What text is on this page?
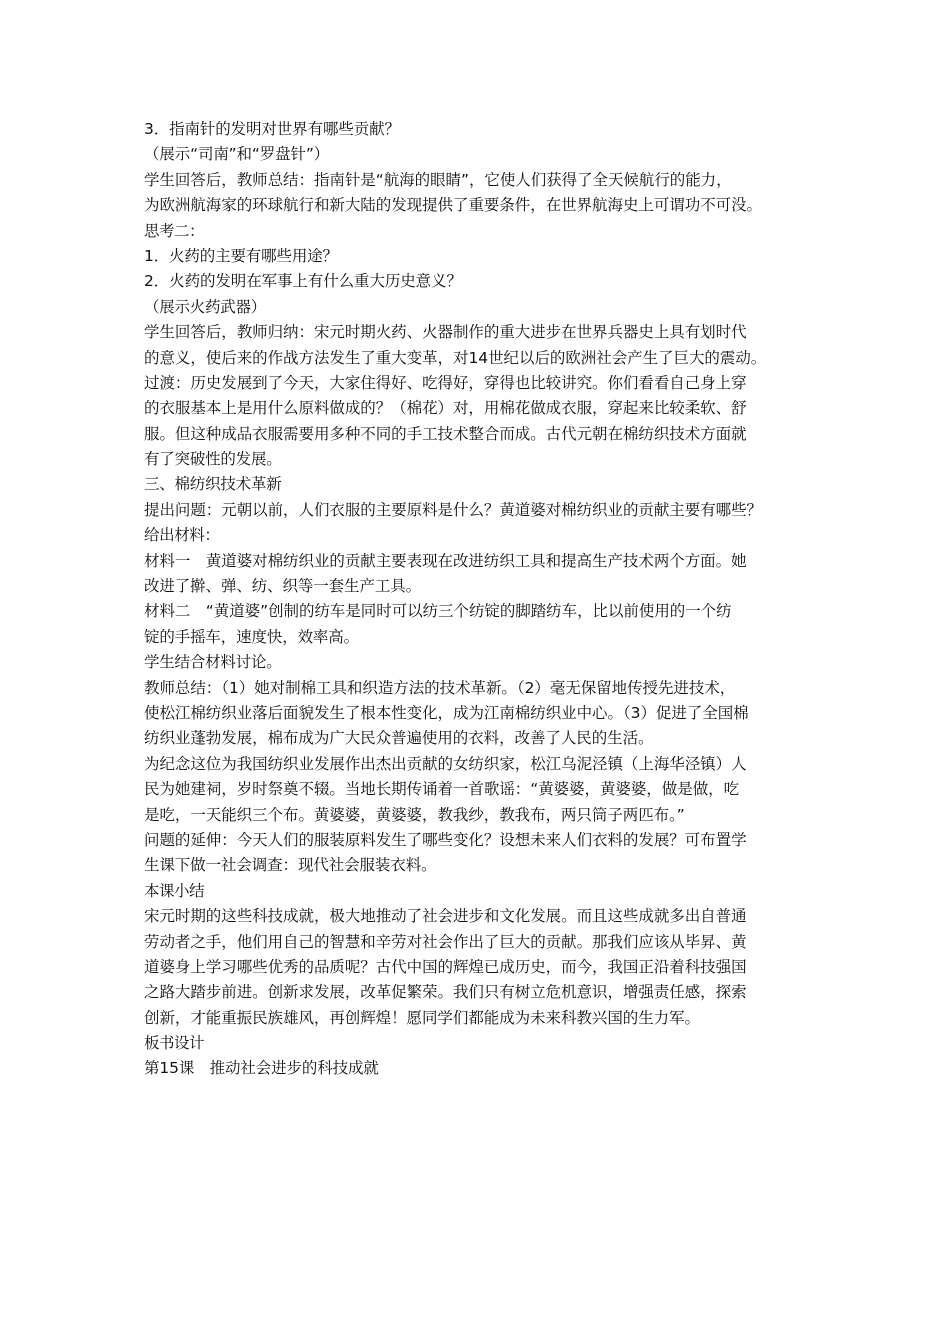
3．指南针的发明对世界有哪些贡献？
（展示“司南”和“罗盘针”）
学生回答后，教师总结：指南针是“航海的眼睛”，它使人们获得了全天候航行的能力，
为欧洲航海家的环球航行和新大陆的发现提供了重要条件，在世界航海史上可谓功不可没。
思考二：
1．火药的主要有哪些用途？
2．火药的发明在军事上有什么重大历史意义？
（展示火药武器）
学生回答后，教师归纳：宋元时期火药、火器制作的重大进步在世界兵器史上具有划时代
的意义，使后来的作战方法发生了重大变革，对14世纪以后的欧洲社会产生了巨大的震动。
过渡：历史发展到了今天，大家住得好、吃得好，穿得也比较讲究。你们看看自己身上穿
的衣服基本上是用什么原料做成的？（棉花）对，用棉花做成衣服，穿起来比较柔软、舒
服。但这种成品衣服需要用多种不同的手工技术整合而成。古代元朝在棉纺织技术方面就
有了突破性的发展。
三、棉纺织技术革新
提出问题：元朝以前，人们衣服的主要原料是什么？黄道婆对棉纺织业的贡献主要有哪些？
给出材料：
材料一　黄道婆对棉纺织业的贡献主要表现在改进纺织工具和提高生产技术两个方面。她
改进了擀、弹、纺、织等一套生产工具。
材料二　“黄道婆”创制的纺车是同时可以纺三个纺锭的脚踏纺车，比以前使用的一个纺
锭的手摇车，速度快，效率高。
学生结合材料讨论。
教师总结：（1）她对制棉工具和织造方法的技术革新。（2）毫无保留地传授先进技术，
使松江棉纺织业落后面貌发生了根本性变化，成为江南棉纺织业中心。（3）促进了全国棉
纺织业蓬勃发展，棉布成为广大民众普遍使用的衣料，改善了人民的生活。
为纪念这位为我国纺织业发展作出杰出贡献的女纺织家，松江乌泥泾镇（上海华泾镇）人
民为她建祠，岁时祭奠不辍。当地长期传诵着一首歌谣：“黄婆婆，黄婆婆，做是做，吃
是吃，一天能织三个布。黄婆婆，黄婆婆，教我纱，教我布，两只筒子两匹布。”
问题的延伸：今天人们的服装原料发生了哪些变化？设想未来人们衣料的发展？可布置学
生课下做一社会调查：现代社会服装衣料。
本课小结
宋元时期的这些科技成就，极大地推动了社会进步和文化发展。而且这些成就多出自普通
劳动者之手，他们用自己的智慧和辛劳对社会作出了巨大的贡献。那我们应该从毕昇、黄
道婆身上学习哪些优秀的品质呢？古代中国的辉煌已成历史，而今，我国正沿着科技强国
之路大踏步前进。创新求发展，改革促繁荣。我们只有树立危机意识，增强责任感，探索
创新，才能重振民族雄风，再创辉煌！愿同学们都能成为未来科教兴国的生力军。
板书设计
第15课　推动社会进步的科技成就
